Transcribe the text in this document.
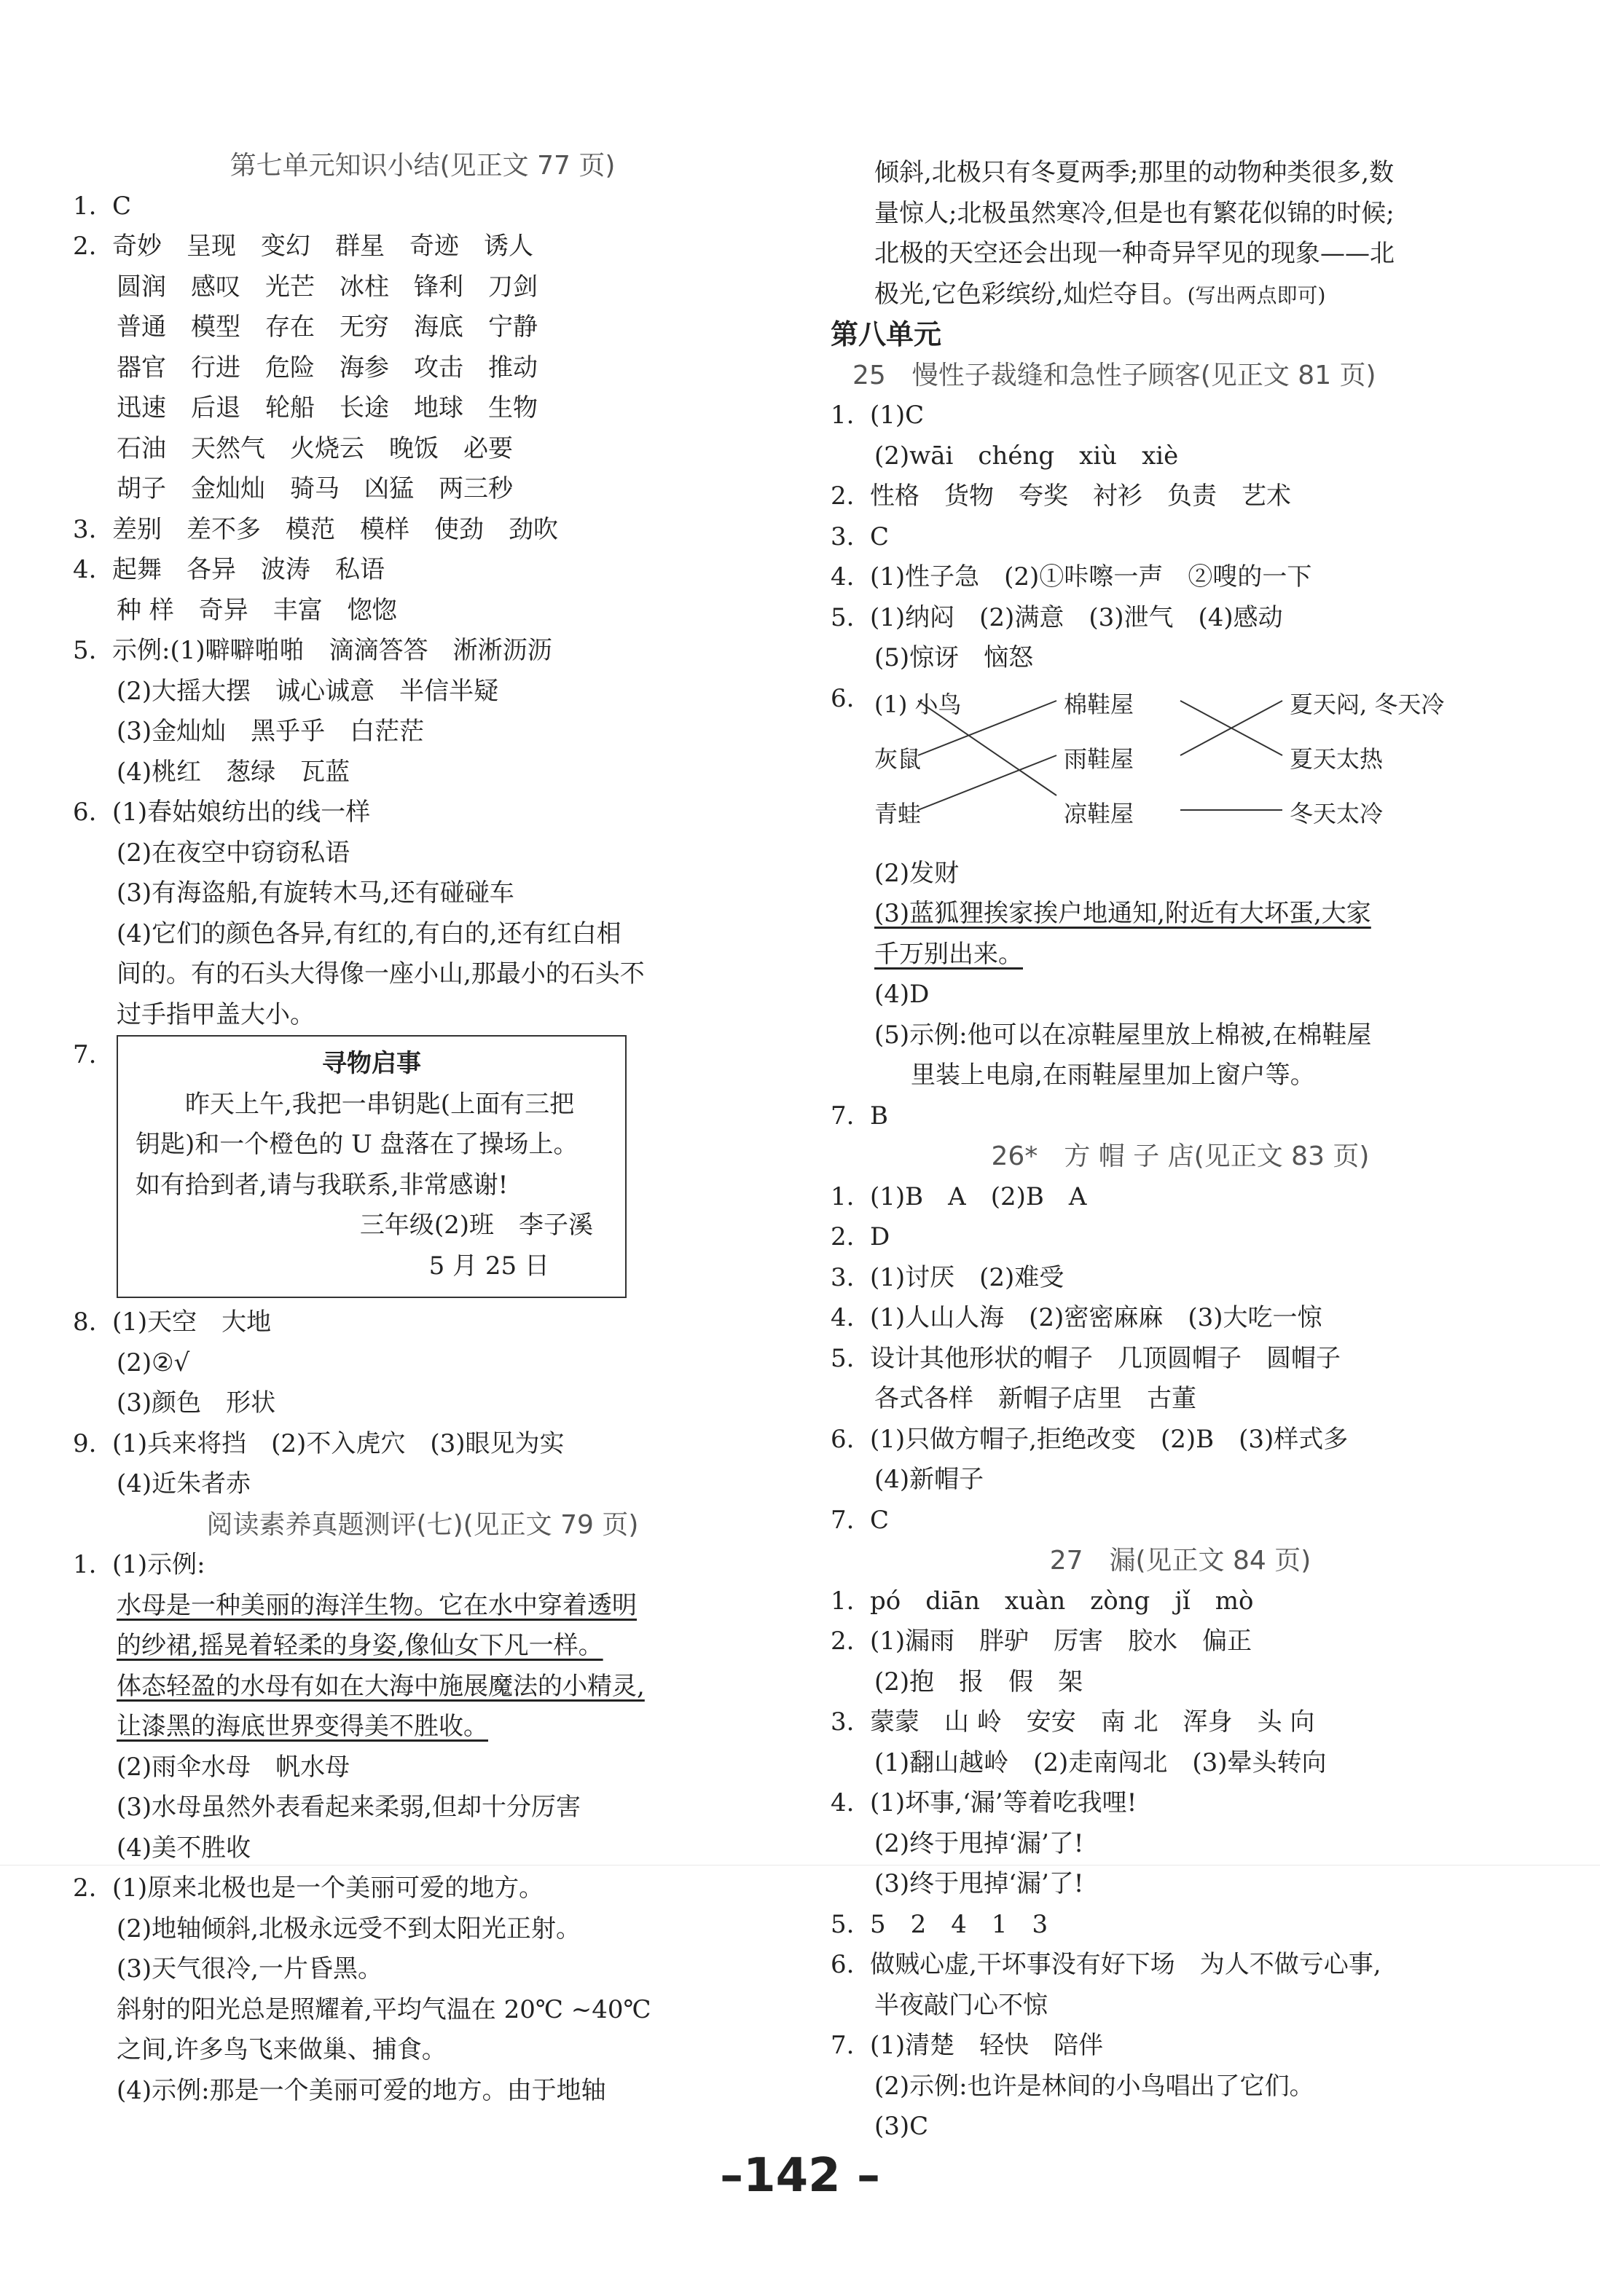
第七单元知识小结(见正文 77 页)
1. C
2. 奇妙　呈现　变幻　群星　奇迹　诱人
圆润　感叹　光芒　冰柱　锋利　刀剑
普通　模型　存在　无穷　海底　宁静
器官　行进　危险　海参　攻击　推动
迅速　后退　轮船　长途　地球　生物
石油　天然气　火烧云　晚饭　必要
胡子　金灿灿　骑马　凶猛　两三秒
3. 差别　差不多　模范　模样　使劲　劲吹
4. 起舞　各异　波涛　私语
种 样　奇异　丰富　惚惚
5. 示例:(1)噼噼啪啪　滴滴答答　淅淅沥沥
(2)大摇大摆　诚心诚意　半信半疑
(3)金灿灿　黑乎乎　白茫茫
(4)桃红　葱绿　瓦蓝
6. (1)春姑娘纺出的线一样
(2)在夜空中窃窃私语
(3)有海盗船,有旋转木马,还有碰碰车
(4)它们的颜色各异,有红的,有白的,还有红白相
间的。有的石头大得像一座小山,那最小的石头不
过手指甲盖大小。
7.	寻物启事
　　昨天上午,我把一串钥匙(上面有三把
钥匙)和一个橙色的 U 盘落在了操场上。
如有拾到者,请与我联系,非常感谢!
三年级(2)班　李子溪
5 月 25 日
8. (1)天空　大地
(2)②√
(3)颜色　形状
9. (1)兵来将挡　(2)不入虎穴　(3)眼见为实
(4)近朱者赤
阅读素养真题测评(七)(见正文 79 页)
1. (1)示例:
水母是一种美丽的海洋生物。它在水中穿着透明
的纱裙,摇晃着轻柔的身姿,像仙女下凡一样。
体态轻盈的水母有如在大海中施展魔法的小精灵,
让漆黑的海底世界变得美不胜收。
(2)雨伞水母　帆水母
(3)水母虽然外表看起来柔弱,但却十分厉害
(4)美不胜收
2. (1)原来北极也是一个美丽可爱的地方。
(2)地轴倾斜,北极永远受不到太阳光正射。
(3)天气很冷,一片昏黑。
斜射的阳光总是照耀着,平均气温在 20℃ ~40℃
之间,许多鸟飞来做巢、捕食。
(4)示例:那是一个美丽可爱的地方。由于地轴
倾斜,北极只有冬夏两季;那里的动物种类很多,数
量惊人;北极虽然寒冷,但是也有繁花似锦的时候;
北极的天空还会出现一种奇异罕见的现象——北
极光,它色彩缤纷,灿烂夺目。(写出两点即可)
第八单元
25　慢性子裁缝和急性子顾客(见正文 81 页)
1. (1)C
(2)wāi　chéng　xiù　xiè
2. 性格　货物　夸奖　衬衫　负责　艺术
3. C
4. (1)性子急　(2)①咔嚓一声　②嗖的一下
5. (1)纳闷　(2)满意　(3)泄气　(4)感动
(5)惊讶　恼怒
6. (1) 小鸟
灰鼠
青蛙
棉鞋屋
雨鞋屋
凉鞋屋
夏天闷, 冬天冷
夏天太热
冬天太冷
(2)发财
(3)蓝狐狸挨家挨户地通知,附近有大坏蛋,大家
千万别出来。
(4)D
(5)示例:他可以在凉鞋屋里放上棉被,在棉鞋屋
里装上电扇,在雨鞋屋里加上窗户等。
7. B
26*　方 帽 子 店(见正文 83 页)
1. (1)B　A　(2)B　A
2. D
3. (1)讨厌　(2)难受
4. (1)人山人海　(2)密密麻麻　(3)大吃一惊
5. 设计其他形状的帽子　几顶圆帽子　圆帽子
各式各样　新帽子店里　古董
6. (1)只做方帽子,拒绝改变　(2)B　(3)样式多
(4)新帽子
7. C
27　漏(见正文 84 页)
1. pó　diān　xuàn　zòng　jǐ　mò
2. (1)漏雨　胖驴　厉害　胶水　偏正
(2)抱　报　假　架
3. 蒙蒙　山 岭　安安　南 北　浑身　头 向
(1)翻山越岭　(2)走南闯北　(3)晕头转向
4. (1)坏事,‘漏’等着吃我哩!
(2)终于甩掉‘漏’了!
(3)终于甩掉‘漏’了!
5. 5　2　4　1　3
6. 做贼心虚,干坏事没有好下场　为人不做亏心事,
半夜敲门心不惊
7. (1)清楚　轻快　陪伴
(2)示例:也许是林间的小鸟唱出了它们。
(3)C
–142 –
